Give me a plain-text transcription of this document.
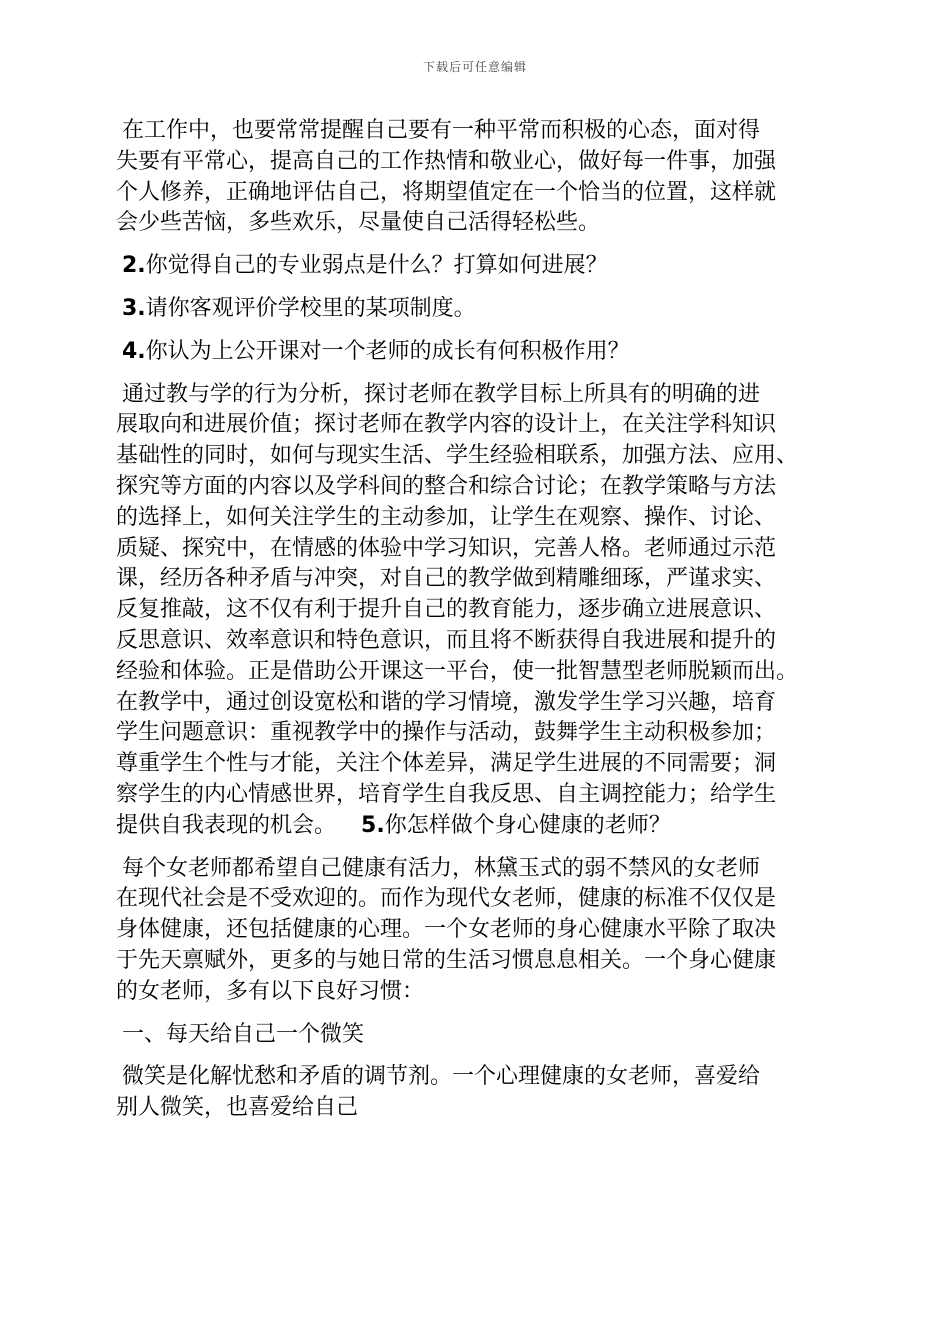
下载后可任意编辑

在工作中，也要常常提醒自己要有一种平常而积极的心态，面对得
失要有平常心，提高自己的工作热情和敬业心，做好每一件事，加强
个人修养，正确地评估自己，将期望值定在一个恰当的位置，这样就
会少些苦恼，多些欢乐，尽量使自己活得轻松些。

2.你觉得自己的专业弱点是什么？打算如何进展？

3.请你客观评价学校里的某项制度。

4.你认为上公开课对一个老师的成长有何积极作用？

通过教与学的行为分析，探讨老师在教学目标上所具有的明确的进
展取向和进展价值；探讨老师在教学内容的设计上，在关注学科知识
基础性的同时，如何与现实生活、学生经验相联系，加强方法、应用、
探究等方面的内容以及学科间的整合和综合讨论；在教学策略与方法
的选择上，如何关注学生的主动参加，让学生在观察、操作、讨论、
质疑、探究中，在情感的体验中学习知识，完善人格。老师通过示范
课，经历各种矛盾与冲突，对自己的教学做到精雕细琢，严谨求实、
反复推敲，这不仅有利于提升自己的教育能力，逐步确立进展意识、
反思意识、效率意识和特色意识，而且将不断获得自我进展和提升的
经验和体验。正是借助公开课这一平台，使一批智慧型老师脱颖而出。
在教学中，通过创设宽松和谐的学习情境，激发学生学习兴趣，培育
学生问题意识：重视教学中的操作与活动，鼓舞学生主动积极参加；
尊重学生个性与才能，关注个体差异，满足学生进展的不同需要；洞
察学生的内心情感世界，培育学生自我反思、自主调控能力；给学生
提供自我表现的机会。 5.你怎样做个身心健康的老师？

每个女老师都希望自己健康有活力，林黛玉式的弱不禁风的女老师
在现代社会是不受欢迎的。而作为现代女老师，健康的标准不仅仅是
身体健康，还包括健康的心理。一个女老师的身心健康水平除了取决
于先天禀赋外，更多的与她日常的生活习惯息息相关。一个身心健康
的女老师，多有以下良好习惯：

一、每天给自己一个微笑

微笑是化解忧愁和矛盾的调节剂。一个心理健康的女老师，喜爱给
别人微笑，也喜爱给自己
